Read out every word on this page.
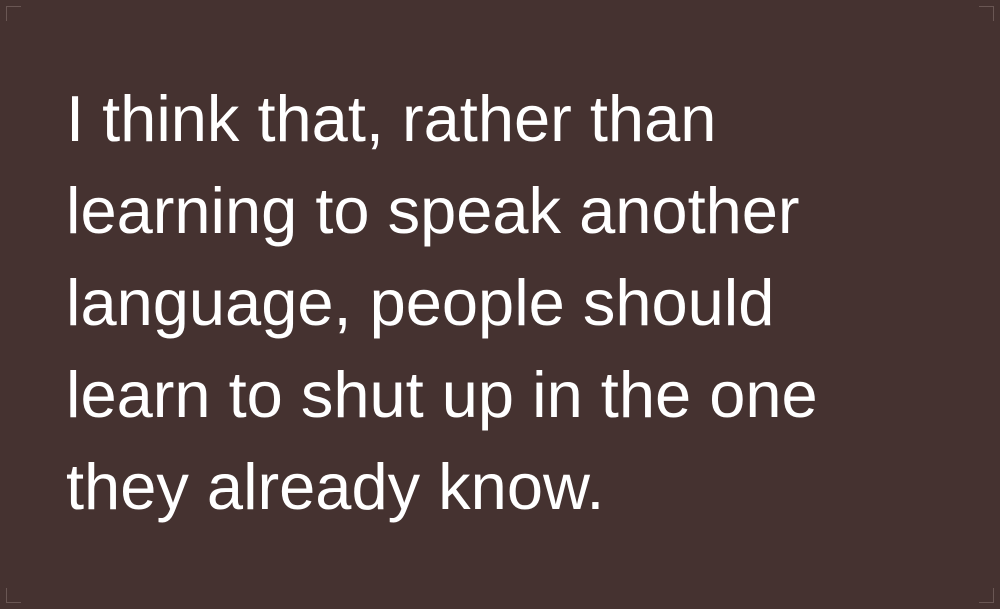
I think that, rather than
learning to speak another
language, people should
learn to shut up in the one
they already know.
